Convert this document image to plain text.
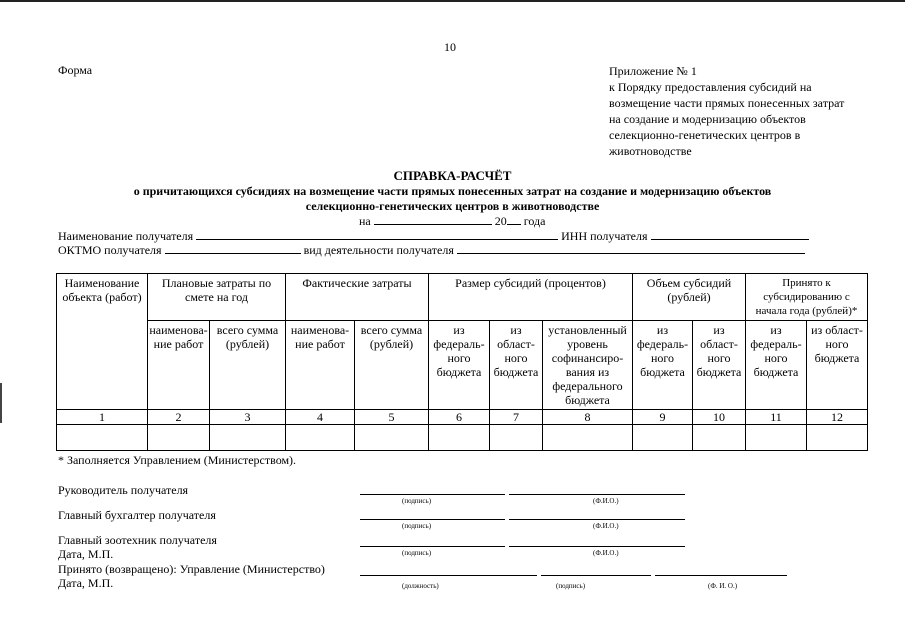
10
Форма	Приложение № 1
к Порядку предоставления субсидий на возмещение части прямых понесенных затрат на создание и модернизацию объектов селекционно-генетических центров в животноводстве
СПРАВКА-РАСЧЁТ
о причитающихся субсидиях на возмещение части прямых понесенных затрат на создание и модернизацию объектов
селекционно-генетических центров в животноводстве
на	20 года
Наименование получателя	ИНН получателя
ОКТМО получателя	вид деятельности получателя
Наименование объекта (работ)	Плановые затраты по смете на год		Фактические затраты		Размер субсидий (процентов)			Объем субсидий (рублей)		Принято к субсидированию с начала года (рублей)*	
	наименова-ние работ	всего сумма (рублей)	наименова-ние работ	всего сумма (рублей)	из федераль-ного бюджета	из област-ного бюджета	установленный уровень софинансиро-вания из федерального бюджета	из федераль-ного бюджета	из област-ного бюджета	из федераль-ного бюджета	из област-ного бюджета
1	2	3	4	5	6	7	8	9	10	11	12

* Заполняется Управлением (Министерством).
Руководитель получателя
(подпись)	(Ф.И.О.)
Главный бухгалтер получателя
(подпись)	(Ф.И.О.)
Главный зоотехник получателя
Дата, М.П.	(подпись)	(Ф.И.О.)
Принято (возвращено): Управление (Министерство)
Дата, М.П.	(должность)	(подпись)	(Ф. И. О.)
